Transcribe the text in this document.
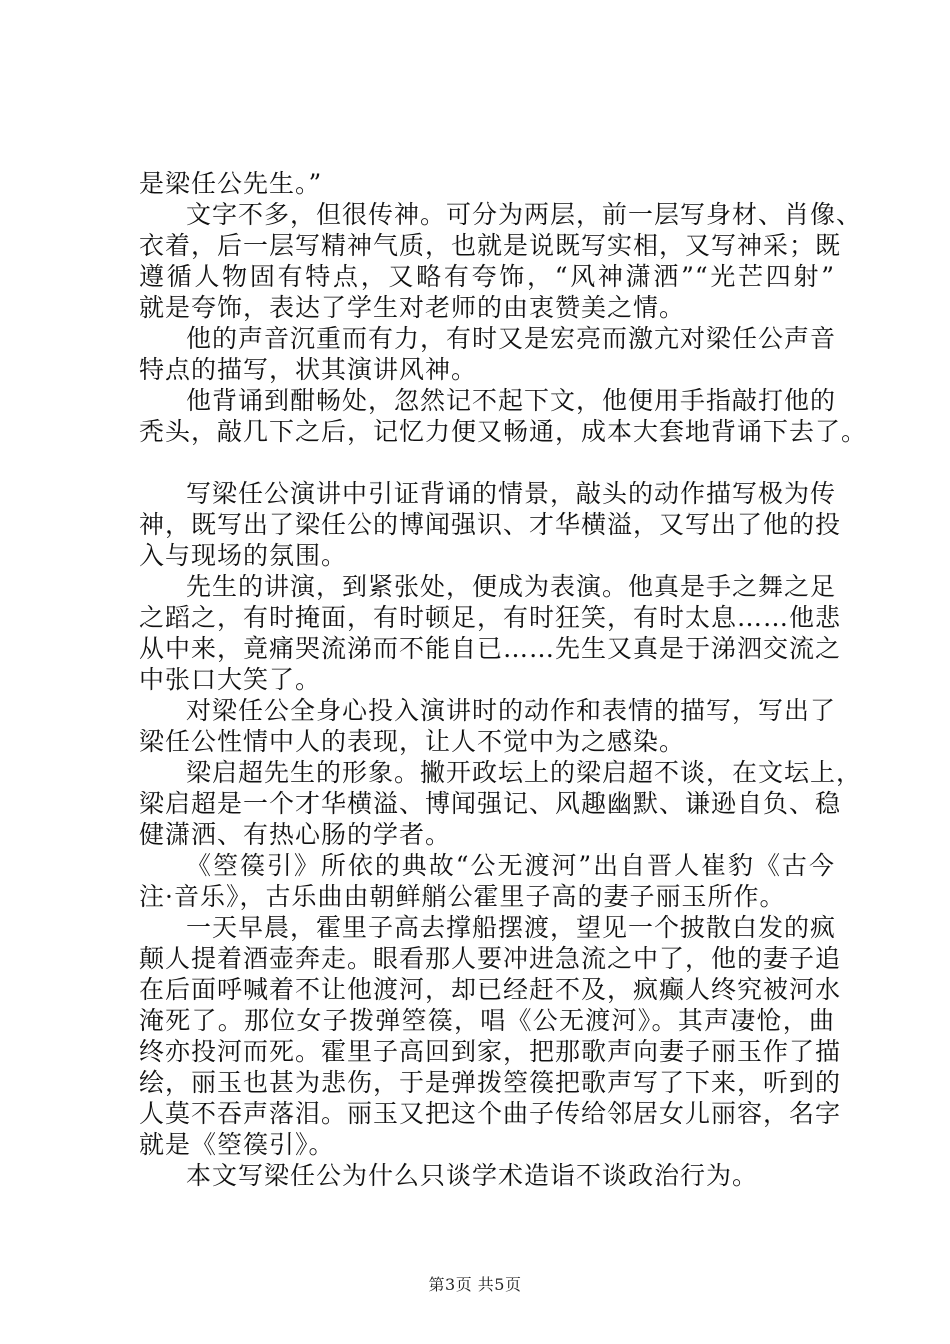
是梁任公先生。”
文字不多，但很传神。可分为两层，前一层写身材、肖像、
衣着，后一层写精神气质，也就是说既写实相，又写神采；既
遵循人物固有特点，又略有夸饰，“风神潇洒”“光芒四射”
就是夸饰，表达了学生对老师的由衷赞美之情。
他的声音沉重而有力，有时又是宏亮而激亢对梁任公声音
特点的描写，状其演讲风神。
他背诵到酣畅处，忽然记不起下文，他便用手指敲打他的
秃头，敲几下之后，记忆力便又畅通，成本大套地背诵下去了。
写梁任公演讲中引证背诵的情景，敲头的动作描写极为传
神，既写出了梁任公的博闻强识、才华横溢，又写出了他的投
入与现场的氛围。
先生的讲演，到紧张处，便成为表演。他真是手之舞之足
之蹈之，有时掩面，有时顿足，有时狂笑，有时太息……他悲
从中来，竟痛哭流涕而不能自已……先生又真是于涕泗交流之
中张口大笑了。
对梁任公全身心投入演讲时的动作和表情的描写，写出了
梁任公性情中人的表现，让人不觉中为之感染。
梁启超先生的形象。撇开政坛上的梁启超不谈，在文坛上，
梁启超是一个才华横溢、博闻强记、风趣幽默、谦逊自负、稳
健潇洒、有热心肠的学者。
《箜篌引》所依的典故“公无渡河”出自晋人崔豹《古今
注·音乐》，古乐曲由朝鲜艄公霍里子高的妻子丽玉所作。
一天早晨，霍里子高去撑船摆渡，望见一个披散白发的疯
颠人提着酒壶奔走。眼看那人要冲进急流之中了，他的妻子追
在后面呼喊着不让他渡河，却已经赶不及，疯癫人终究被河水
淹死了。那位女子拨弹箜篌，唱《公无渡河》。其声凄怆，曲
终亦投河而死。霍里子高回到家，把那歌声向妻子丽玉作了描
绘，丽玉也甚为悲伤，于是弹拨箜篌把歌声写了下来，听到的
人莫不吞声落泪。丽玉又把这个曲子传给邻居女儿丽容，名字
就是《箜篌引》。
本文写梁任公为什么只谈学术造诣不谈政治行为。
第3页 共5页
